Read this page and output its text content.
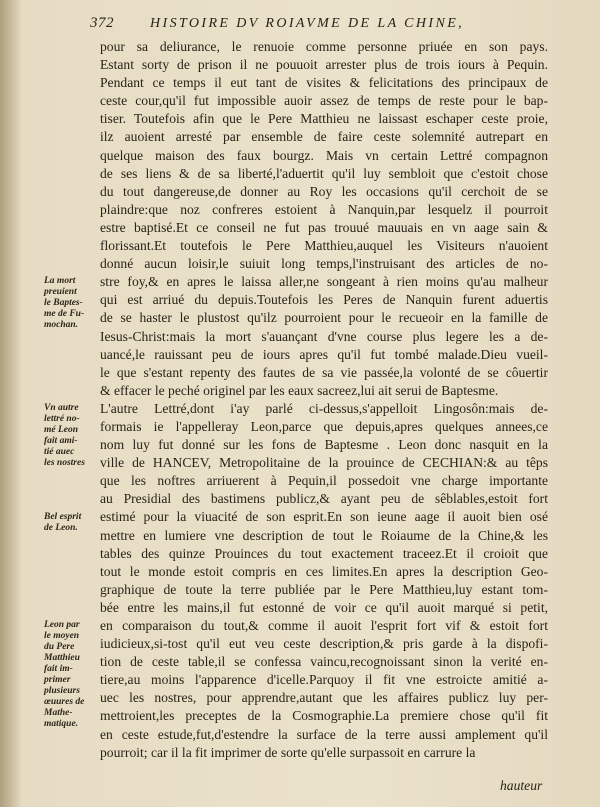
372	HISTOIRE DV ROIAVME DE LA CHINE,
La mort
preuient
le Baptes-
me de Fu-
mochan.
Vn autre
lettré no-
mé Leon
fait ami-
tié auec
les nostres
Bel esprit
de Leon.
Leon par
le moyen
du Pere
Matthieu
fait im-
primer
plusieurs
œuures de
Mathe-
matique.
pour sa deliurance, le renuoie comme personne priuée en son pays.
Estant sorty de prison il ne pouuoit arrester plus de trois iours à Pequin.
Pendant ce temps il eut tant de visites & felicitations des principaux de
ceste cour,qu'il fut impossible auoir assez de temps de reste pour le bap-
tiser. Toutefois afin que le Pere Matthieu ne laissast eschaper ceste proie,
ilz auoient arresté par ensemble de faire ceste solemnité autrepart en
quelque maison des faux bourgz. Mais vn certain Lettré compagnon
de ses liens & de sa liberté,l'aduertit qu'il luy sembloit que c'estoit chose
du tout dangereuse,de donner au Roy les occasions qu'il cerchoit de se
plaindre:que noz confreres estoient à Nanquin,par lesquelz il pourroit
estre baptisé.Et ce conseil ne fut pas trouué mauuais en vn aage sain &
florissant.Et toutefois le Pere Matthieu,auquel les Visiteurs n'auoient
donné aucun loisir,le suiuit long temps,l'instruisant des articles de no-
stre foy,& en apres le laissa aller,ne songeant à rien moins qu'au malheur
qui est arriué du depuis.Toutefois les Peres de Nanquin furent aduertis
de se haster le plustost qu'ilz pourroient pour le recueoir en la famille de
Iesus-Christ:mais la mort s'auançant d'vne course plus legere les a de-
uancé,le rauissant peu de iours apres qu'il fut tombé malade.Dieu vueil-
le que s'estant repenty des fautes de sa vie passée,la volonté de se côuertir
& effacer le peché originel par les eaux sacreez,lui ait serui de Baptesme.
L'autre Lettré,dont i'ay parlé ci-dessus,s'appelloit Lingosôn:mais de-
formais ie l'appelleray Leon,parce que depuis,apres quelques annees,ce
nom luy fut donné sur les fons de Baptesme . Leon donc nasquit en la
ville de HANCEV, Metropolitaine de la prouince de CECHIAN:& au têps
que les noftres arriuerent à Pequin,il possedoit vne charge importante
au Presidial des bastimens publicz,& ayant peu de sêblables,estoit fort
estimé pour la viuacité de son esprit.En son ieune aage il auoit bien osé
mettre en lumiere vne description de tout le Roiaume de la Chine,& les
tables des quinze Prouinces du tout exactement traceez.Et il croioit que
tout le monde estoit compris en ces limites.En apres la description Geo-
graphique de toute la terre publiée par le Pere Matthieu,luy estant tom-
bée entre les mains,il fut estonné de voir ce qu'il auoit marqué si petit,
en comparaison du tout,& comme il auoit l'esprit fort vif & estoit fort
iudicieux,si-tost qu'il eut veu ceste description,& pris garde à la dispofi-
tion de ceste table,il se confessa vaincu,recognoissant sinon la verité en-
tiere,au moins l'apparence d'icelle.Parquoy il fit vne estroicte amitié a-
uec les nostres, pour apprendre,autant que les affaires publicz luy per-
mettroient,les preceptes de la Cosmographie.La premiere chose qu'il fit
en ceste estude,fut,d'estendre la surface de la terre aussi amplement qu'il
pourroit; car il la fit imprimer de sorte qu'elle surpassoit en carrure la
hauteur
